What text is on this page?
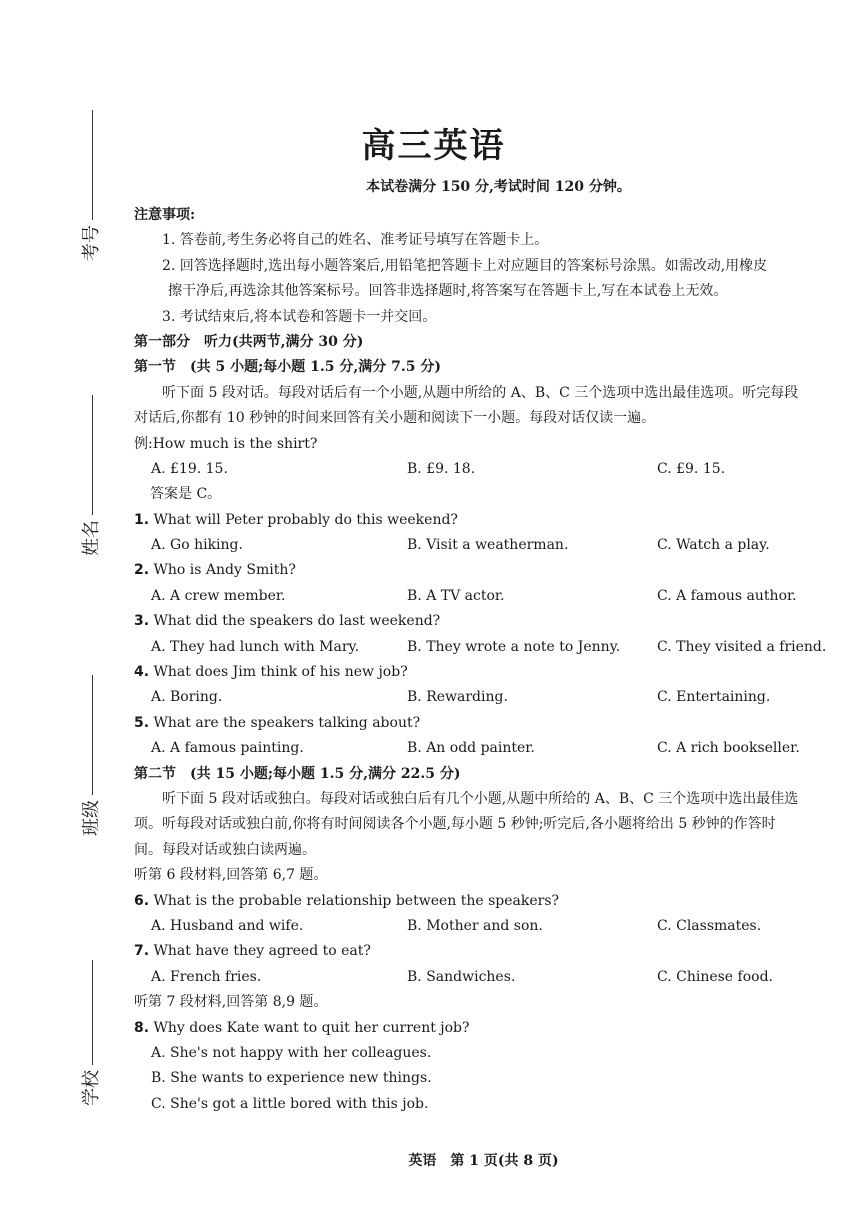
考号
姓名
班级
学校
高三英语
本试卷满分 150 分,考试时间 120 分钟。
注意事项:
1. 答卷前,考生务必将自己的姓名、准考证号填写在答题卡上。
2. 回答选择题时,选出每小题答案后,用铅笔把答题卡上对应题目的答案标号涂黑。如需改动,用橡皮
擦干净后,再选涂其他答案标号。回答非选择题时,将答案写在答题卡上,写在本试卷上无效。
3. 考试结束后,将本试卷和答题卡一并交回。
第一部分　听力(共两节,满分 30 分)
第一节　(共 5 小题;每小题 1.5 分,满分 7.5 分)
听下面 5 段对话。每段对话后有一个小题,从题中所给的 A、B、C 三个选项中选出最佳选项。听完每段
对话后,你都有 10 秒钟的时间来回答有关小题和阅读下一小题。每段对话仅读一遍。
例:How much is the shirt?
A. £19. 15.	B. £9. 18.	C. £9. 15.
答案是 C。
1. What will Peter probably do this weekend?
A. Go hiking.	B. Visit a weatherman.	C. Watch a play.
2. Who is Andy Smith?
A. A crew member.	B. A TV actor.	C. A famous author.
3. What did the speakers do last weekend?
A. They had lunch with Mary.	B. They wrote a note to Jenny.	C. They visited a friend.
4. What does Jim think of his new job?
A. Boring.	B. Rewarding.	C. Entertaining.
5. What are the speakers talking about?
A. A famous painting.	B. An odd painter.	C. A rich bookseller.
第二节　(共 15 小题;每小题 1.5 分,满分 22.5 分)
听下面 5 段对话或独白。每段对话或独白后有几个小题,从题中所给的 A、B、C 三个选项中选出最佳选
项。听每段对话或独白前,你将有时间阅读各个小题,每小题 5 秒钟;听完后,各小题将给出 5 秒钟的作答时
间。每段对话或独白读两遍。
听第 6 段材料,回答第 6,7 题。
6. What is the probable relationship between the speakers?
A. Husband and wife.	B. Mother and son.	C. Classmates.
7. What have they agreed to eat?
A. French fries.	B. Sandwiches.	C. Chinese food.
听第 7 段材料,回答第 8,9 题。
8. Why does Kate want to quit her current job?
A. She's not happy with her colleagues.
B. She wants to experience new things.
C. She's got a little bored with this job.
英语　第 1 页(共 8 页)
